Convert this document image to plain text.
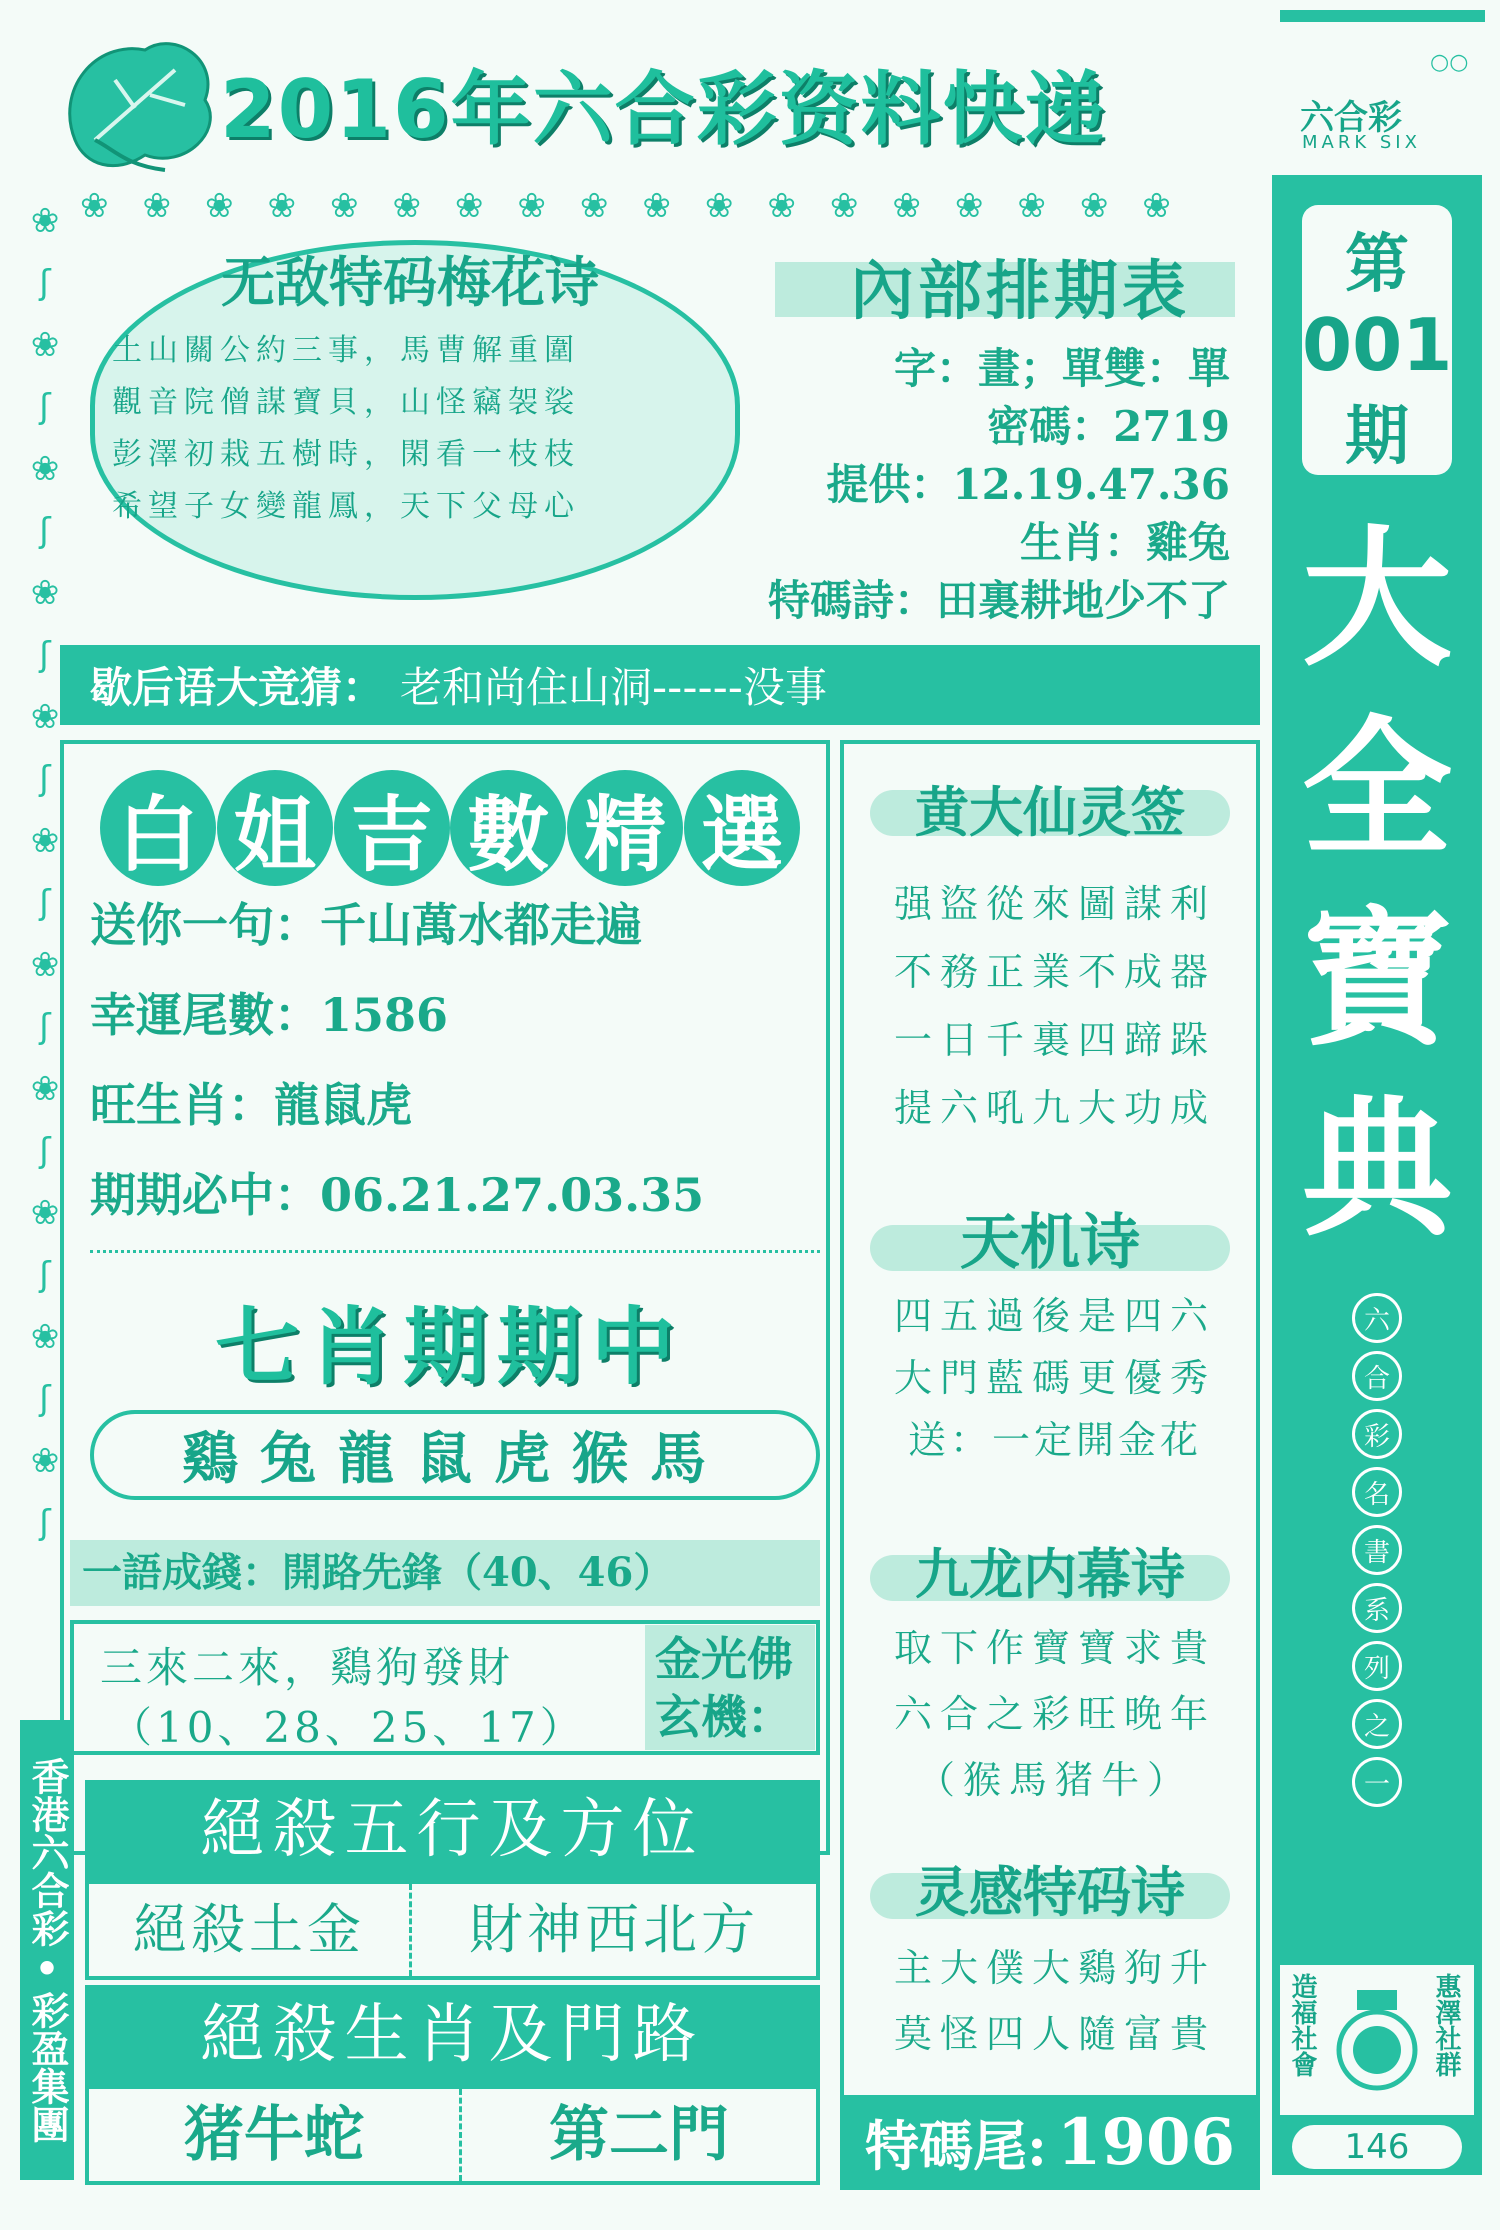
❀
ʃ
❀
ʃ
❀
ʃ
❀
ʃ
❀
ʃ
❀
ʃ
❀
ʃ
❀
ʃ
❀
ʃ
❀
ʃ
❀
ʃ
❀❀❀❀❀❀❀❀❀❀❀❀❀❀❀❀❀❀
2016年六合彩资料快递	六合彩
MARK SIX
○○
第
001
期
大
全
寶
典
六
合
彩
名
書
系
列
之
一
造福社會	惠澤社群
146
无敌特码梅花诗
土山關公約三事，馬曹解重圍
觀音院僧謀寶貝，山怪竊袈裟
彭澤初栽五樹時，閑看一枝枝
希望子女變龍鳳，天下父母心
內部排期表
字：畫；單雙：單
密碼：2719
提供：12.19.47.36
生肖：雞兔
特碼詩：田裏耕地少不了
歇后语大竞猜： 老和尚住山洞------没事
白 姐 吉 數 精 選
送你一句：千山萬水都走遍
幸運尾數：1586
旺生肖：龍鼠虎
期期必中：06.21.27.03.35
七肖期期中
鷄兔龍鼠虎猴馬
一語成錢：開路先鋒（40、46）
三來二來，鷄狗發財
（10、28、25、17）
金光佛玄機：
香港六合彩•彩盈集團	絕殺五行及方位
絕殺土金	財神西北方
絕殺生肖及門路
猪牛蛇	第二門
黄大仙灵签
强盜從來圖謀利
不務正業不成器
一日千裏四蹄跺
提六吼九大功成
天机诗
四五過後是四六
大門藍碼更優秀
送：一定開金花
九龙内幕诗
取下作寶寶求貴
六合之彩旺晚年
（猴馬猪牛）
灵感特码诗
主大僕大鷄狗升
莫怪四人隨富貴
特碼尾: 1906
